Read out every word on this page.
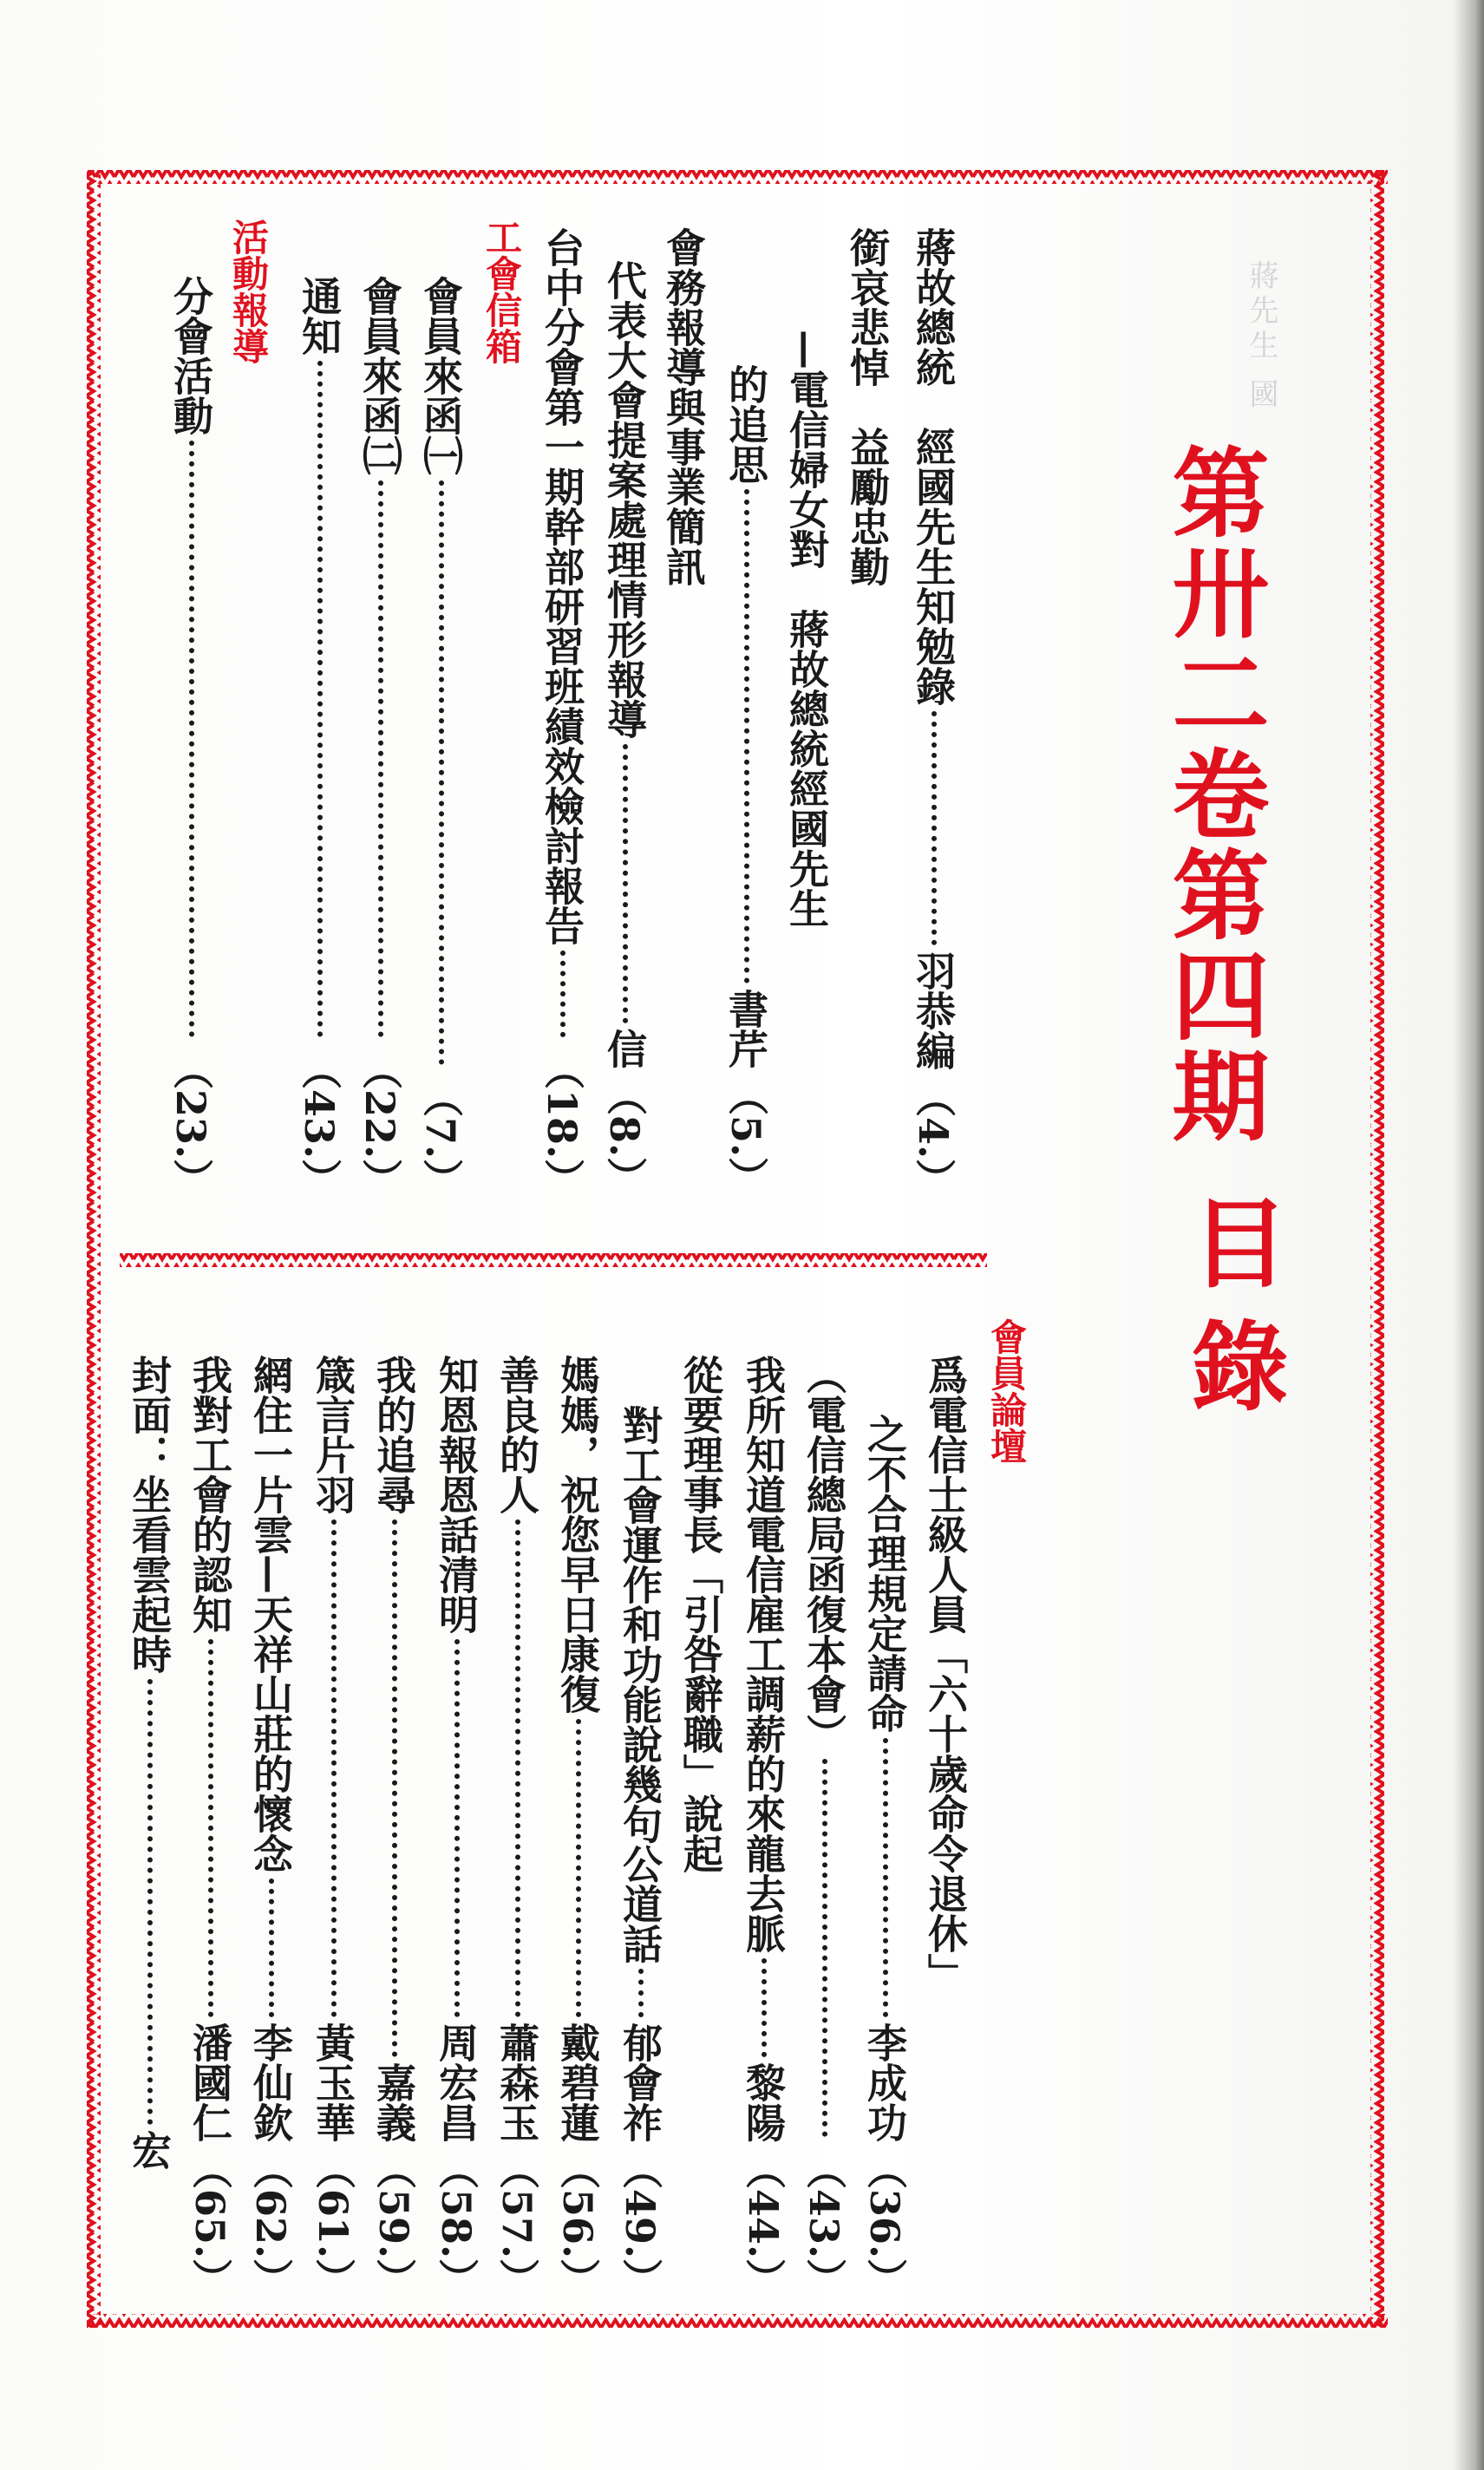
蔣先生 國
第卅二卷第四期
目錄
工會信箱
活動報導	蔣故總統　經國先生知勉錄
羽恭編
（4.）
銜哀悲悼　益勵忠勤
—電信婦女對　蔣故總統經國先生
的追思
書芹
（5.）
會務報導與事業簡訊
代表大會提案處理情形報導
信
（8.）
台中分會第一期幹部研習班績效檢討報告
（18.）
會員來函㈠
（7.）
會員來函㈡
（22.）
通知
（43.）
分會活動
（23.）
會員論壇
爲電信士級人員「六十歲命令退休」
之不合理規定請命
李成功
（36.）
（電信總局函復本會）
（43.）
我所知道電信雇工調薪的來龍去脈
黎陽
（44.）
從要理事長「引咎辭職」說起
對工會運作和功能說幾句公道話
郁會祚
（49.）
媽媽，祝您早日康復
戴碧蓮
（56.）
善良的人
蕭森玉
（57.）
知恩報恩話清明
周宏昌
（58.）
我的追尋
嘉義
（59.）
箴言片羽
黃玉華
（61.）
網住一片雲—天祥山莊的懷念
李仙欽
（62.）
我對工會的認知
潘國仁
（65.）
封面：坐看雲起時
宏
